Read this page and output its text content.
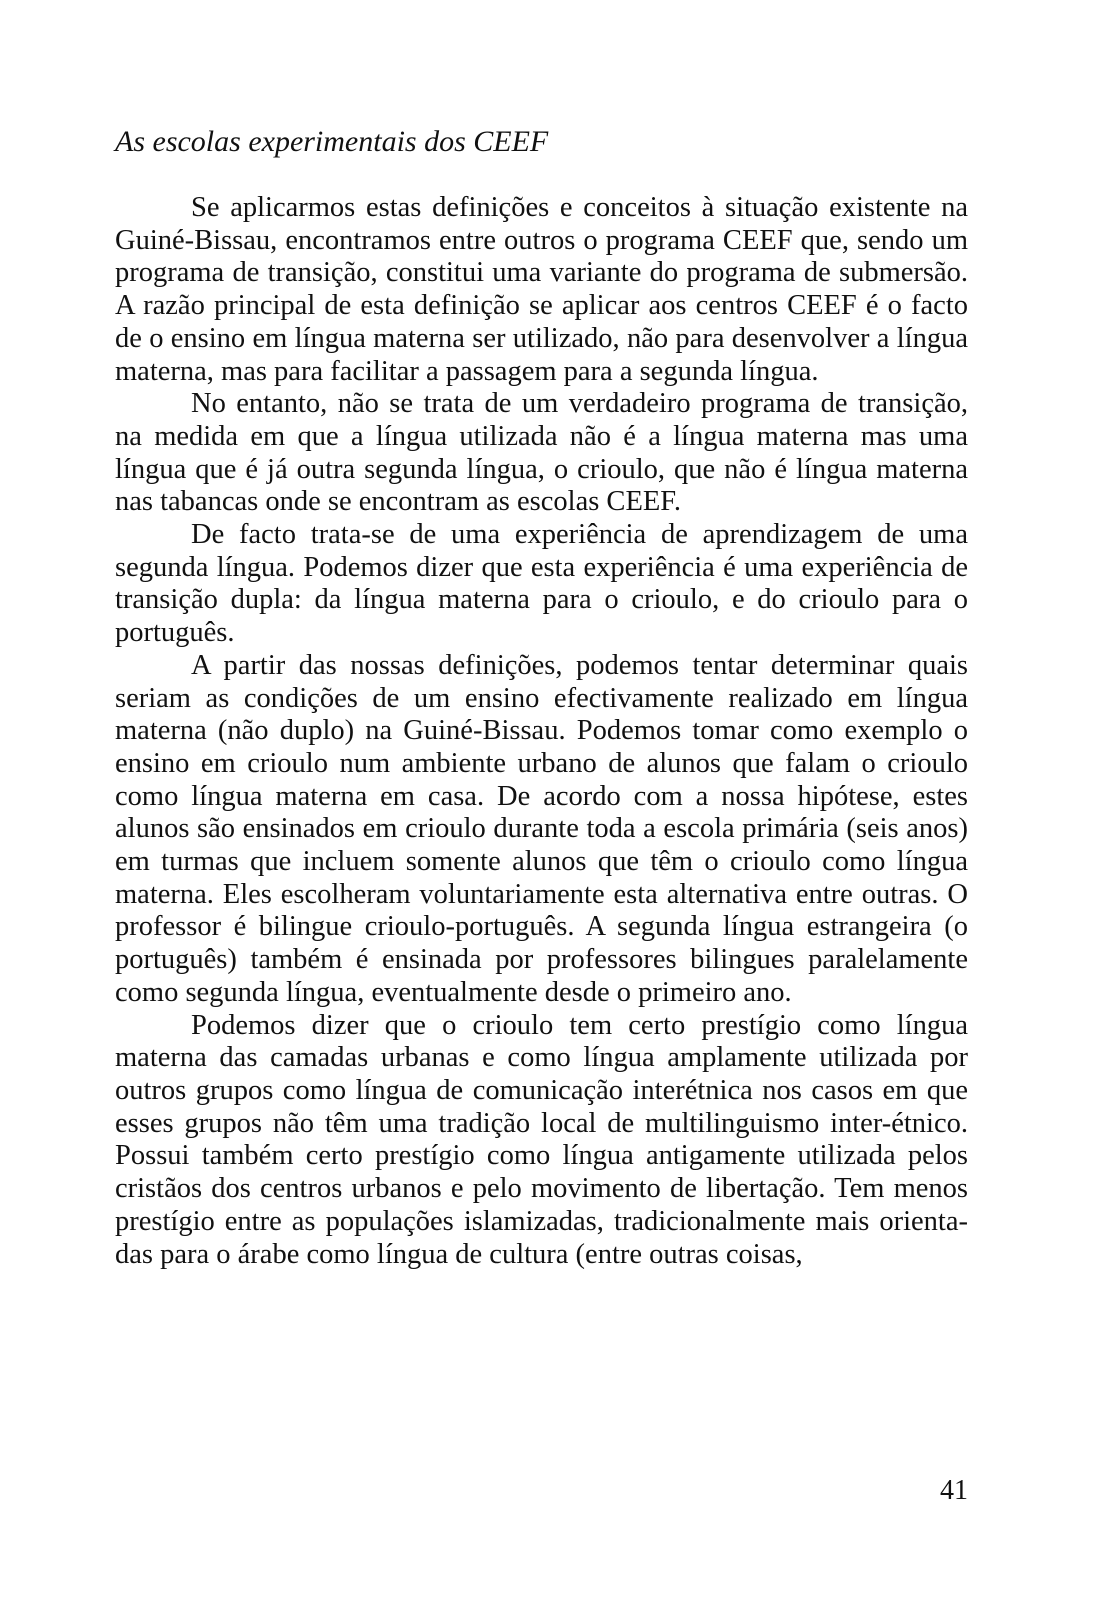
As escolas experimentais dos CEEF

Se aplicarmos estas definições e conceitos à situação existente na Guiné-Bissau, encontramos entre outros o programa CEEF que, sendo um programa de transição, constitui uma variante do programa de submersão. A razão principal de esta definição se aplicar aos centros CEEF é o facto de o ensino em língua materna ser utilizado, não para desenvolver a língua materna, mas para facilitar a passagem para a segunda língua.

No entanto, não se trata de um verdadeiro programa de transição, na medida em que a língua utilizada não é a língua materna mas uma língua que é já outra segunda língua, o crioulo, que não é língua materna nas tabancas onde se encontram as escolas CEEF.

De facto trata-se de uma experiência de aprendizagem de uma segunda língua. Podemos dizer que esta experiência é uma experiência de transição dupla: da língua materna para o crioulo, e do crioulo para o português.

A partir das nossas definições, podemos tentar determinar quais seriam as condições de um ensino efectivamente realizado em língua materna (não duplo) na Guiné-Bissau. Podemos tomar como exemplo o ensino em crioulo num ambiente urbano de alunos que falam o crioulo como língua materna em casa. De acordo com a nossa hipótese, estes alunos são ensinados em crioulo durante toda a escola primária (seis anos) em turmas que incluem somente alunos que têm o crioulo como língua materna. Eles escolheram voluntariamente esta alternativa entre outras. O professor é bilingue crioulo-português. A segunda língua estrangeira (o português) também é ensinada por professores bilingues paralelamente como segunda língua, eventualmente desde o primeiro ano.

Podemos dizer que o crioulo tem certo prestígio como língua materna das camadas urbanas e como língua amplamente utilizada por outros grupos como língua de comunicação interétnica nos casos em que esses grupos não têm uma tradição local de multilinguismo inter-étnico. Possui também certo prestígio como língua antigamente utilizada pelos cristãos dos centros urbanos e pelo movimento de libertação. Tem menos prestígio entre as populações islamizadas, tradicionalmente mais orientadas para o árabe como língua de cultura (entre outras coisas,

41
